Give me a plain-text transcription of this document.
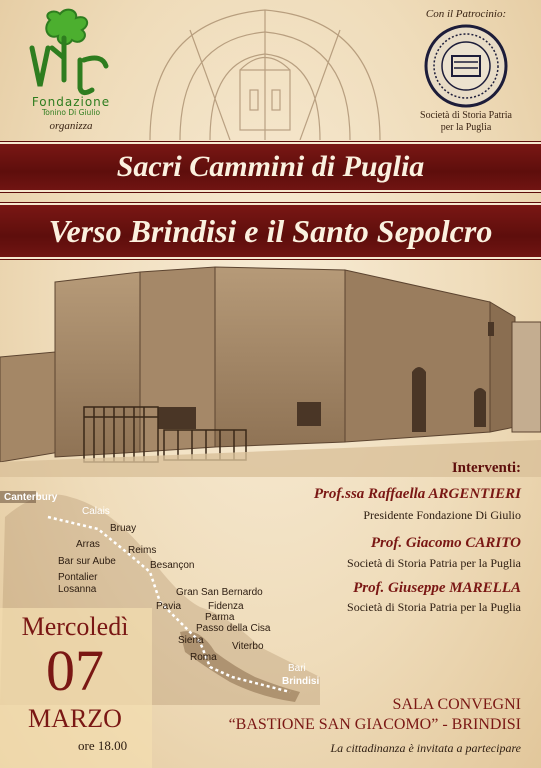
Fondazione
Tonino Di Giulio
organizza
Con il Patrocinio:
Società di Storia Patria
per la Puglia
Sacri Cammini di Puglia
Verso Brindisi e il Santo Sepolcro
Canterbury
Calais
Bruay
Arras
Reims
Bar sur Aube	Besançon
Pontalier
Losanna	Gran San Bernardo
Pavia	Fidenza
Parma
Passo della Cisa
Siena
Viterbo
Roma
Bari
Brindisi
Interventi:
Prof.ssa Raffaella ARGENTIERI
Presidente Fondazione Di Giulio
Prof. Giacomo CARITO
Società di Storia Patria per la Puglia
Prof. Giuseppe MARELLA
Società di Storia Patria per la Puglia
Mercoledì
07
MARZO
ore 18.00
SALA CONVEGNI
“BASTIONE SAN GIACOMO” - BRINDISI
La cittadinanza è invitata a partecipare
